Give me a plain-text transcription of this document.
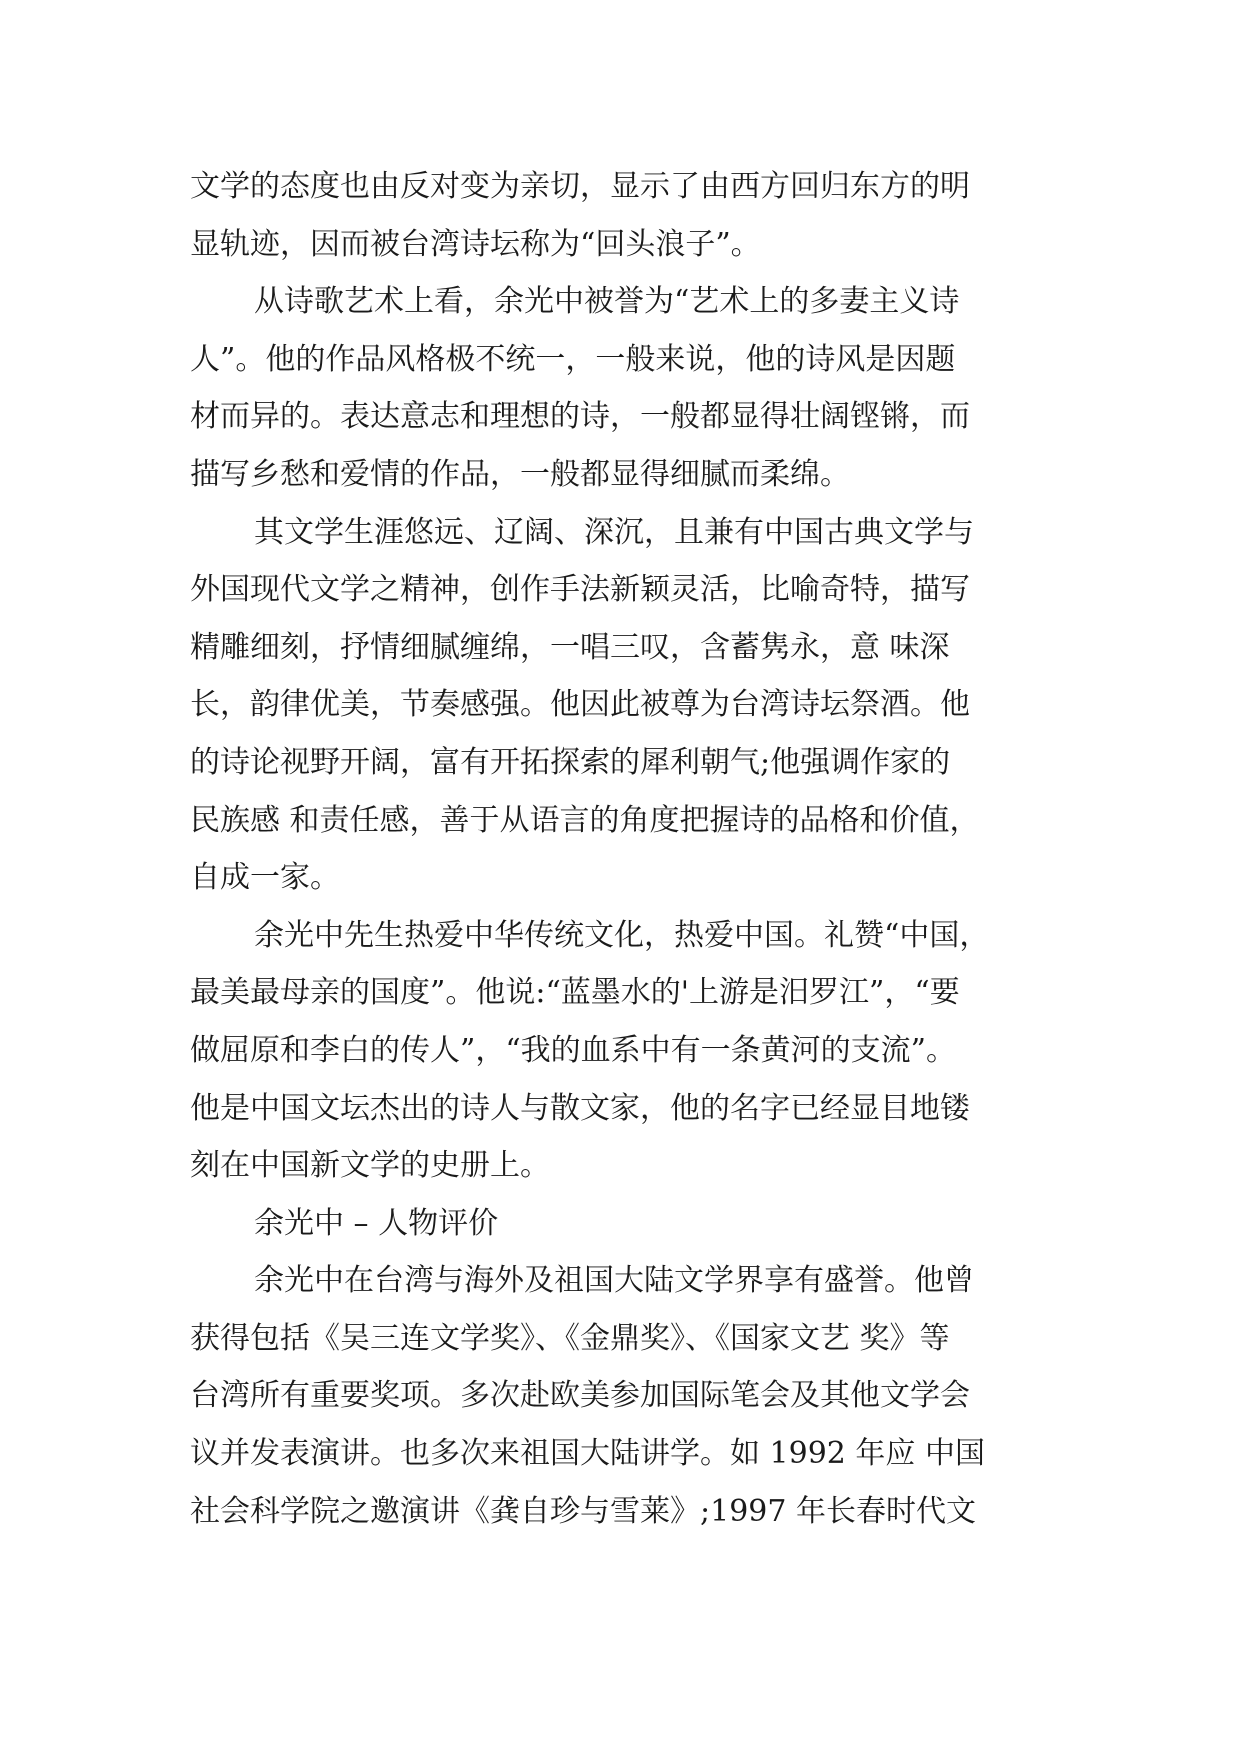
文学的态度也由反对变为亲切，显示了由西方回归东方的明
显轨迹，因而被台湾诗坛称为“回头浪子”。
从诗歌艺术上看，余光中被誉为“艺术上的多妻主义诗
人”。他的作品风格极不统一，一般来说，他的诗风是因题
材而异的。表达意志和理想的诗，一般都显得壮阔铿锵，而
描写乡愁和爱情的作品，一般都显得细腻而柔绵。
其文学生涯悠远、辽阔、深沉，且兼有中国古典文学与
外国现代文学之精神，创作手法新颖灵活，比喻奇特，描写
精雕细刻，抒情细腻缠绵，一唱三叹，含蓄隽永，意 味深
长，韵律优美，节奏感强。他因此被尊为台湾诗坛祭酒。他
的诗论视野开阔，富有开拓探索的犀利朝气;他强调作家的
民族感 和责任感，善于从语言的角度把握诗的品格和价值，
自成一家。
余光中先生热爱中华传统文化，热爱中国。礼赞“中国，
最美最母亲的国度”。他说:“蓝墨水的'上游是汨罗江”，“要
做屈原和李白的传人”，“我的血系中有一条黄河的支流”。
他是中国文坛杰出的诗人与散文家，他的名字已经显目地镂
刻在中国新文学的史册上。
余光中 – 人物评价
余光中在台湾与海外及祖国大陆文学界享有盛誉。他曾
获得包括《吴三连文学奖》、《金鼎奖》、《国家文艺 奖》等
台湾所有重要奖项。多次赴欧美参加国际笔会及其他文学会
议并发表演讲。也多次来祖国大陆讲学。如 1992 年应 中国
社会科学院之邀演讲《龚自珍与雪莱》;1997 年长春时代文
